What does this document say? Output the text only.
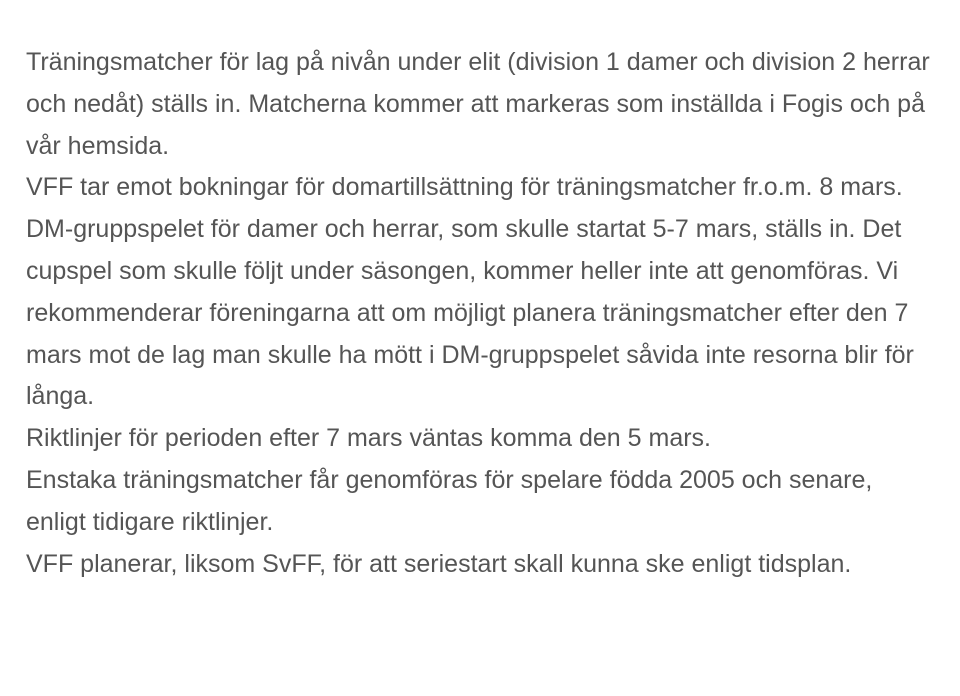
Träningsmatcher för lag på nivån under elit (division 1 damer och division 2 herrar och nedåt) ställs in. Matcherna kommer att markeras som inställda i Fogis och på vår hemsida.

VFF tar emot bokningar för domartillsättning för träningsmatcher fr.o.m. 8 mars.

DM-gruppspelet för damer och herrar, som skulle startat 5-7 mars, ställs in. Det cupspel som skulle följt under säsongen, kommer heller inte att genomföras. Vi rekommenderar föreningarna att om möjligt planera träningsmatcher efter den 7 mars mot de lag man skulle ha mött i DM-gruppspelet såvida inte resorna blir för långa.

Riktlinjer för perioden efter 7 mars väntas komma den 5 mars.

Enstaka träningsmatcher får genomföras för spelare födda 2005 och senare, enligt tidigare riktlinjer.

VFF planerar, liksom SvFF, för att seriestart skall kunna ske enligt tidsplan.
